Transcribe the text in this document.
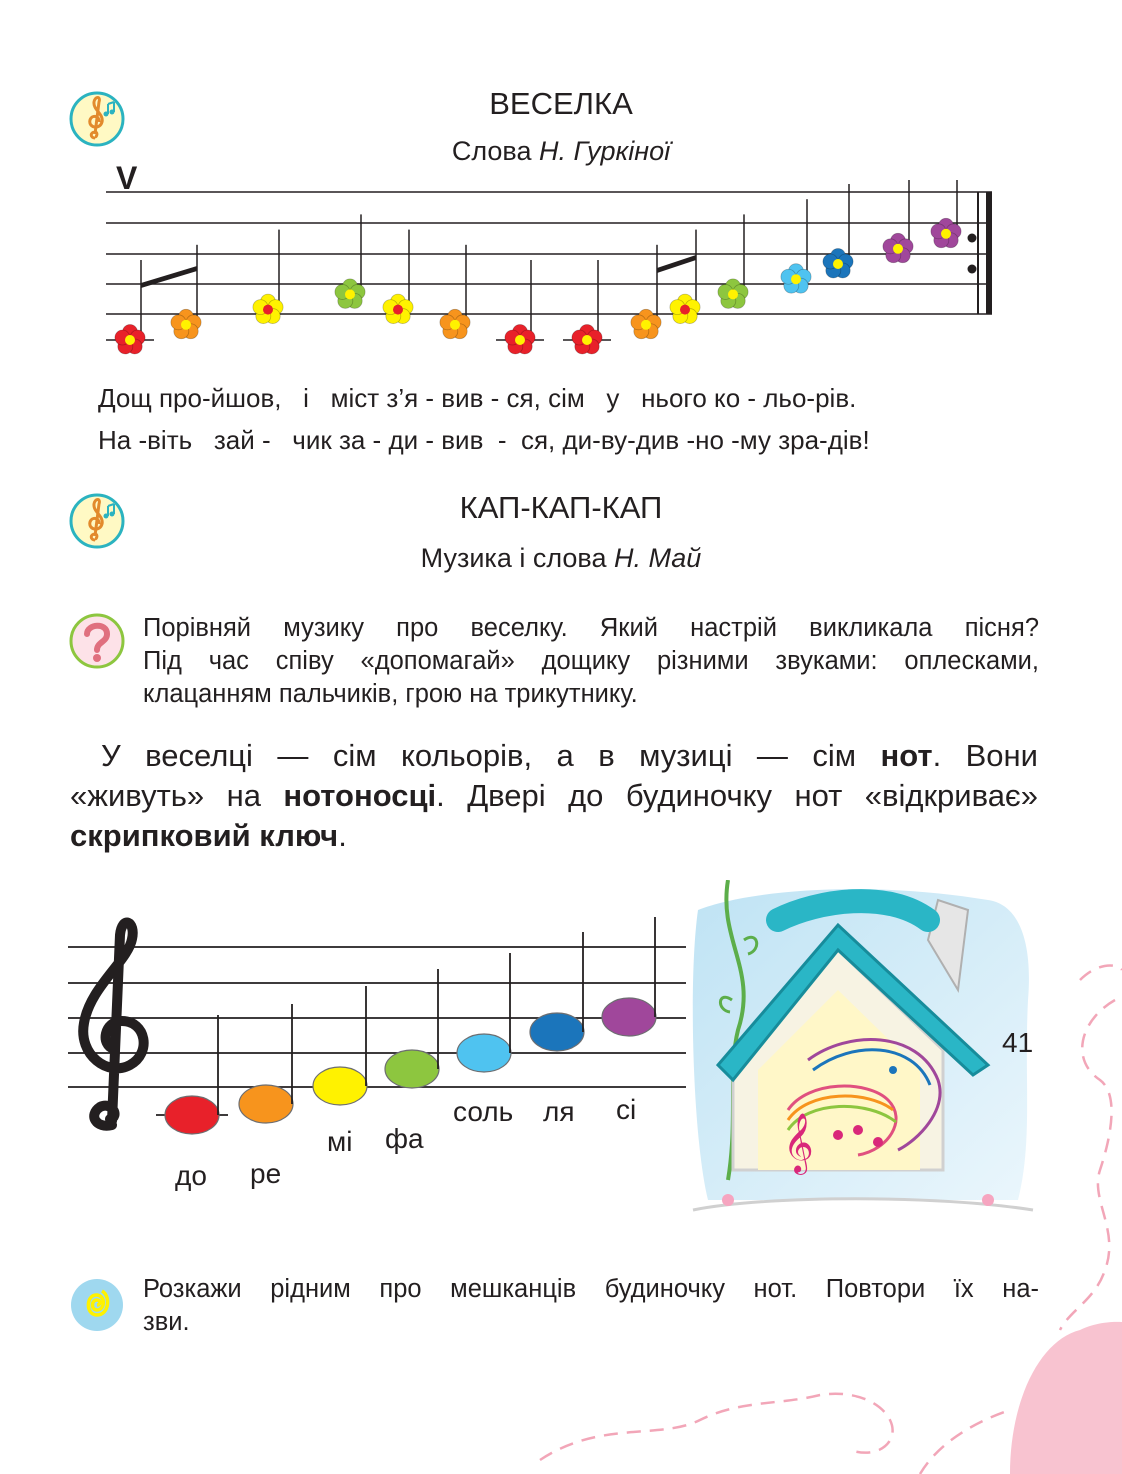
ВЕСЕЛКА
Слова Н. Гуркіної
V
Дощ про-йшов,   і   міст з’я - вив - ся, сім   у   нього ко - льо-рів.
На -віть   зай -   чик за - ди - вив  -  ся, ди-ву-див -но -му зра-дів!
КАП-КАП-КАП
Музика і слова Н. Май
Порівняй музику про веселку. Який настрій викликала пісня?
Під час співу «допомагай» дощику різними звуками: оплесками,
клацанням пальчиків, грою на трикутнику.
 У веселці — сім кольорів, а в музиці — сім нот. Вони
«живуть» на нотоносці. Двері до будиночку нот «відкриває»
скрипковий ключ.
до ре
мі фа
соль ля сі
𝄞
Розкажи рідним про мешканців будиночку нот. Повтори їх на-
зви.
41
